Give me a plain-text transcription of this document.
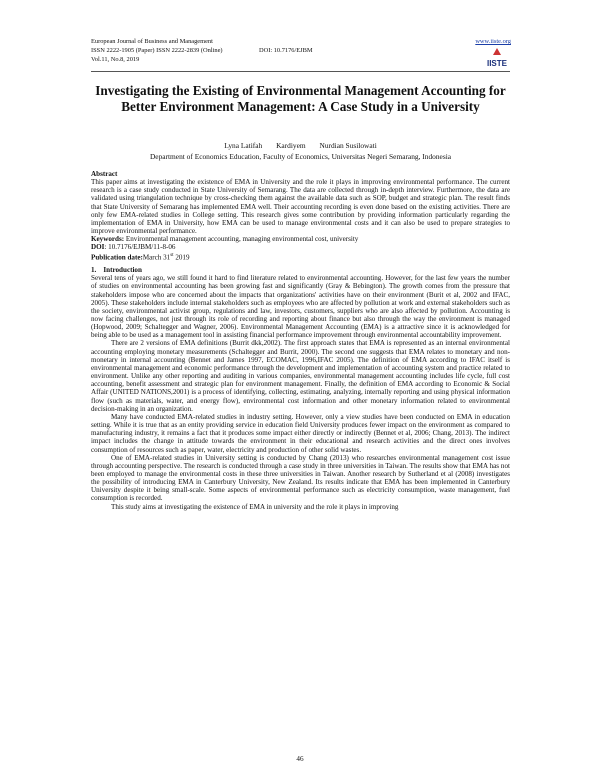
European Journal of Business and Management
ISSN 2222-1905 (Paper) ISSN 2222-2839 (Online)	DOI: 10.7176/EJBM
Vol.11, No.8, 2019
www.iiste.org
IISTE
Investigating the Existing of Environmental Management Accounting for Better Environment Management: A Case Study in a University
Lyna Latifah Kardiyem Nurdian Susilowati
Department of Economics Education, Faculty of Economics, Universitas Negeri Semarang, Indonesia

Abstract

This paper aims at investigating the existence of EMA in University and the role it plays in improving environmental performance. The current research is a case study conducted in State University of Semarang. The data are collected through in-depth interview. Furthermore, the data are validated using triangulation technique by cross-checking them against the available data such as SOP, budget and strategic plan. The result finds that State University of Semarang has implemented EMA well. Their accounting recording is even done based on the existing activities. There are only few EMA-related studies in College setting. This research gives some contribution by providing information particularly regarding the implementation of EMA in University, how EMA can be used to manage environmental costs and it can also be used to prepare strategies to improve environmental performance.

Keywords: Environmental management accounting, managing environmental cost, university

DOI: 10.7176/EJBM/11-8-06

Publication date:March 31st 2019

1.    Introduction

Several tens of years ago, we still found it hard to find literature related to environmental accounting. However, for the last few years the number of studies on environmental accounting has been growing fast and significantly (Gray & Bebington). The growth comes from the pressure that stakeholders impose who are concerned about the impacts that organizations' activities have on their environment (Burit et al, 2002 and IFAC, 2005). These stakeholders include internal stakeholders such as employees who are affected by pollution at work and external stakeholders such as the society, environmental activist group, regulations and law, investors, customers, suppliers who are also affected by pollution. Accounting is now facing challenges, not just through its role of recording and reporting about finance but also through the way the environment is managed (Hopwood, 2009; Schaltegger and Wagner, 2006). Environmental Management Accounting (EMA) is a attractive since it is acknowledged for being able to be used as a management tool in assisting financial performance improvement through environmental accountability improvement.

There are 2 versions of EMA definitions (Burrit dkk,2002). The first approach states that EMA is represented as an internal environmental accounting employing monetary measurements (Schaltegger and Burrit, 2000). The second one suggests that EMA relates to monetary and non-monetary in internal accounting (Bennet and James 1997, ECOMAC, 1996,IFAC 2005). The definition of EMA according to IFAC itself is environmental management and economic performance through the development and implementation of accounting system and practice related to environment. Unlike any other reporting and auditing in various companies, environmental management accounting includes life cycle, full cost accounting, benefit assessment and strategic plan for environment management. Finally, the definition of EMA according to Economic & Social Affair (UNITED NATIONS,2001) is a process of identifying, collecting, estimating, analyzing, internally reporting and using physical information flow (such as materials, water, and energy flow), environmental cost information and other monetary information related to environmental decision-making in an organization.

Many have conducted EMA-related studies in industry setting. However, only a view studies have been conducted on EMA in education setting. While it is true that as an entity providing service in education field University produces fewer impact on the environment as compared to manufacturing industry, it remains a fact that it produces some impact either directly or indirectly (Bennet et al, 2006; Chang, 2013). The indirect impact includes the change in attitude towards the environment in their educational and research activities and the direct ones involves consumption of resources such as paper, water, electricity and production of other solid wastes.

One of EMA-related studies in University setting is conducted by Chang (2013) who researches environmental management cost issue through accounting perspective. The research is conducted through a case study in three universities in Taiwan. The results show that EMA has not been employed to manage the environmental costs in these three universities in Taiwan. Another research by Sutherland et al (2008) investigates the possibility of introducing EMA in Canterbury University, New Zealand. Its results indicate that EMA has been implemented in Canterbury University despite it being small-scale. Some aspects of environmental performance such as electricity consumption, waste management, fuel consumption is recorded.

This study aims at investigating the existence of EMA in university and the role it plays in improving

46
